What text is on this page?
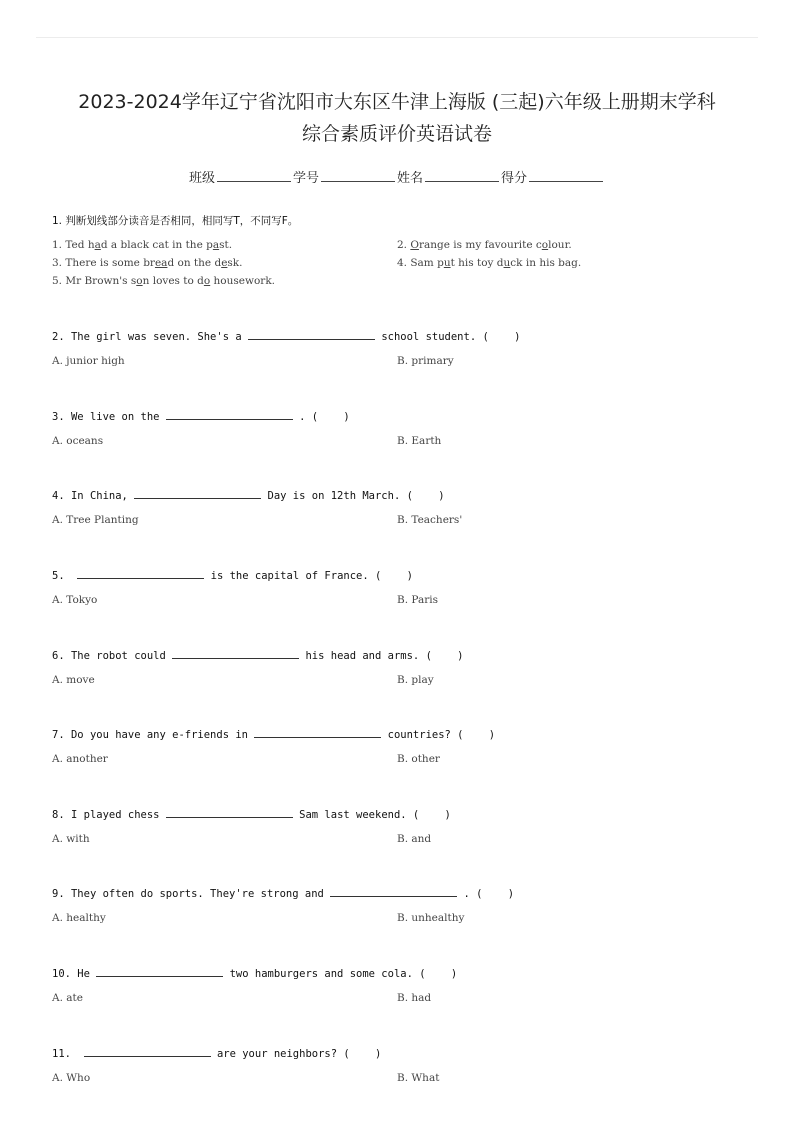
2023-2024学年辽宁省沈阳市大东区牛津上海版 (三起)六年级上册期末学科
综合素质评价英语试卷
班级	学号	姓名	得分
1. 判断划线部分读音是否相同，相同写T，不同写F。
1. Ted had a black cat in the past.	2. Orange is my favourite colour.
3. There is some bread on the desk.	4. Sam put his toy duck in his bag.
5. Mr Brown's son loves to do housework.
2. The girl was seven. She's a	school student. (    )
A. junior high	B. primary
3. We live on the	. (    )
A. oceans	B. Earth
4. In China,	Day is on 12th March. (    )
A. Tree Planting	B. Teachers'
5.	is the capital of France. (    )
A. Tokyo	B. Paris
6. The robot could	his head and arms. (    )
A. move	B. play
7. Do you have any e-friends in	countries? (    )
A. another	B. other
8. I played chess	Sam last weekend. (    )
A. with	B. and
9. They often do sports. They're strong and	. (    )
A. healthy	B. unhealthy
10. He	two hamburgers and some cola. (    )
A. ate	B. had
11.	are your neighbors? (    )
A. Who	B. What
